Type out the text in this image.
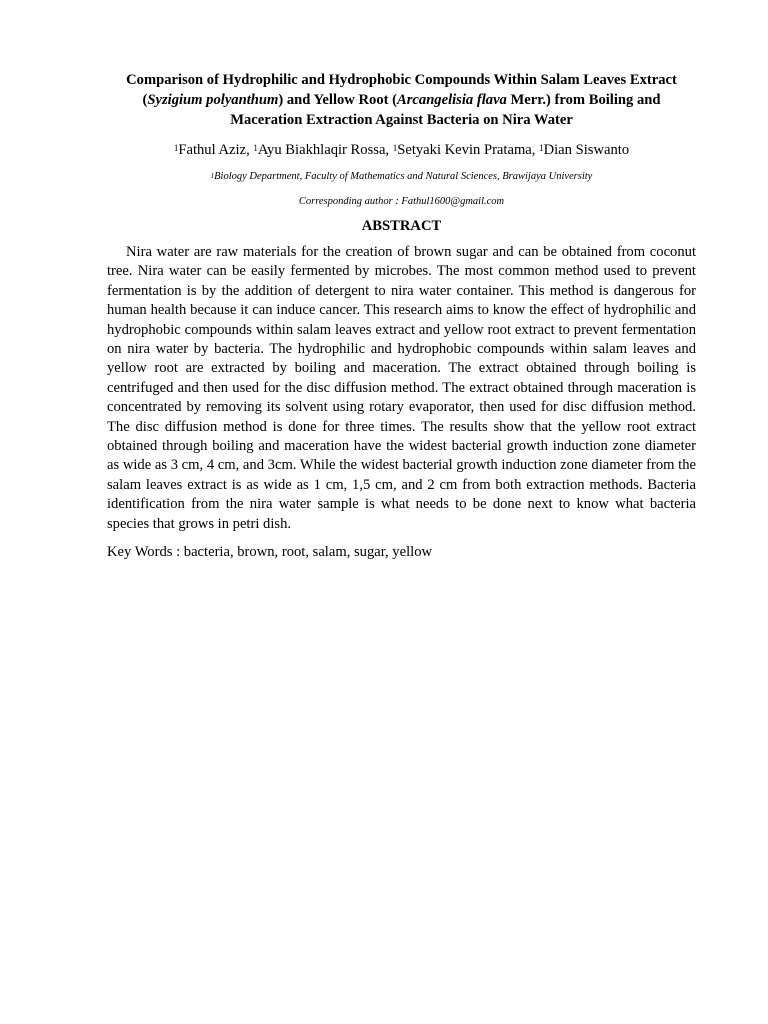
Comparison of Hydrophilic and Hydrophobic Compounds Within Salam Leaves Extract
(Syzigium polyanthum) and Yellow Root (Arcangelisia flava Merr.) from Boiling and
Maceration Extraction Against Bacteria on Nira Water
$^1$Fathul Aziz, $^1$Ayu Biakhlaqir Rossa, $^1$Setyaki Kevin Pratama, $^1$Dian Siswanto
$^1$Biology Department, Faculty of Mathematics and Natural Sciences, Brawijaya University
Corresponding author : Fathul1600@gmail.com
ABSTRACT
Nira water are raw materials for the creation of brown sugar and can be obtained from coconut tree. Nira water can be easily fermented by microbes. The most common method used to prevent fermentation is by the addition of detergent to nira water container. This method is dangerous for human health because it can induce cancer. This research aims to know the effect of hydrophilic and hydrophobic compounds within salam leaves extract and yellow root extract to prevent fermentation on nira water by bacteria. The hydrophilic and hydrophobic compounds within salam leaves and yellow root are extracted by boiling and maceration. The extract obtained through boiling is centrifuged and then used for the disc diffusion method. The extract obtained through maceration is concentrated by removing its solvent using rotary evaporator, then used for disc diffusion method. The disc diffusion method is done for three times. The results show that the yellow root extract obtained through boiling and maceration have the widest bacterial growth induction zone diameter as wide as 3 cm, 4 cm, and 3cm. While the widest bacterial growth induction zone diameter from the salam leaves extract is as wide as 1 cm, 1,5 cm, and 2 cm from both extraction methods. Bacteria identification from the nira water sample is what needs to be done next to know what bacteria species that grows in petri dish.
Key Words : bacteria, brown, root, salam, sugar, yellow
